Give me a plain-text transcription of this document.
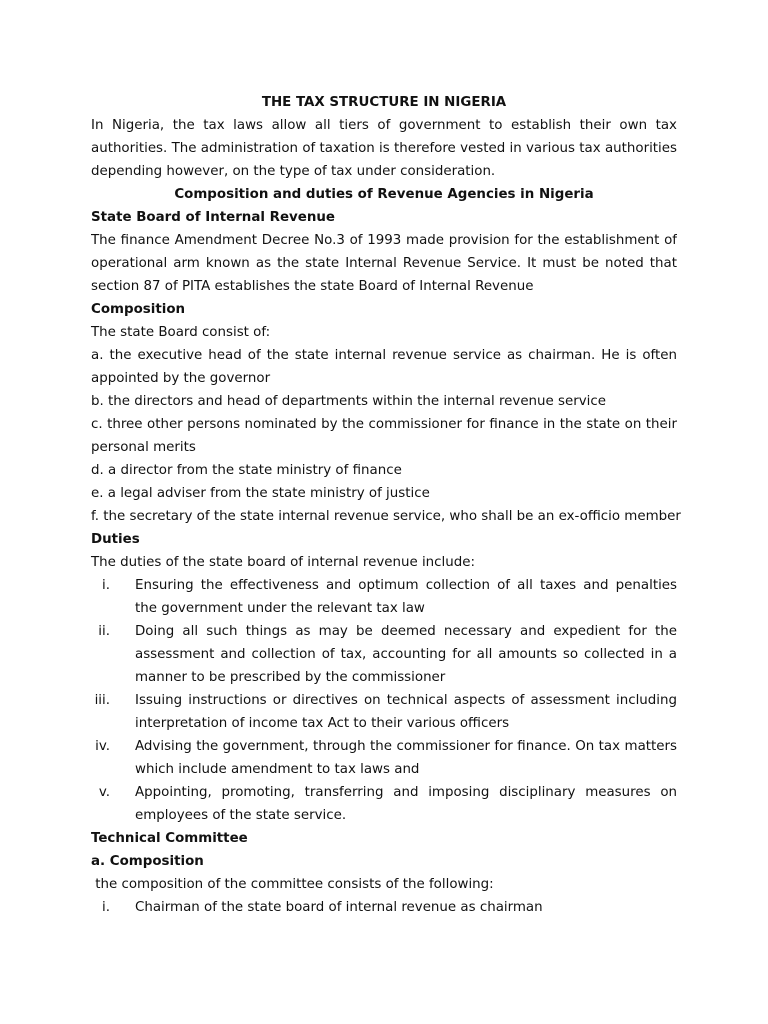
THE TAX STRUCTURE IN NIGERIA
In Nigeria, the tax laws allow all tiers of government to establish their own tax
authorities. The administration of taxation is therefore vested in various tax authorities
depending however, on the type of tax under consideration.
Composition and duties of Revenue Agencies in Nigeria
State Board of Internal Revenue
The finance Amendment Decree No.3 of 1993 made provision for the establishment of
operational arm known as the state Internal Revenue Service. It must be noted that
section 87 of PITA establishes the state Board of Internal Revenue
Composition
The state Board consist of:
a. the executive head of the state internal revenue service as chairman. He is often
appointed by the governor
b. the directors and head of departments within the internal revenue service
c. three other persons nominated by the commissioner for finance in the state on their
personal merits
d. a director from the state ministry of finance
e. a legal adviser from the state ministry of justice
f. the secretary of the state internal revenue service, who shall be an ex-officio member
Duties
The duties of the state board of internal revenue include:
i. Ensuring the effectiveness and optimum collection of all taxes and penalties
the government under the relevant tax law
ii. Doing all such things as may be deemed necessary and expedient for the
assessment and collection of tax, accounting for all amounts so collected in a
manner to be prescribed by the commissioner
iii. Issuing instructions or directives on technical aspects of assessment including
interpretation of income tax Act to their various officers
iv. Advising the government, through the commissioner for finance. On tax matters
which include amendment to tax laws and
v. Appointing, promoting, transferring and imposing disciplinary measures on
employees of the state service.
Technical Committee
a. Composition
the composition of the committee consists of the following:
i. Chairman of the state board of internal revenue as chairman
